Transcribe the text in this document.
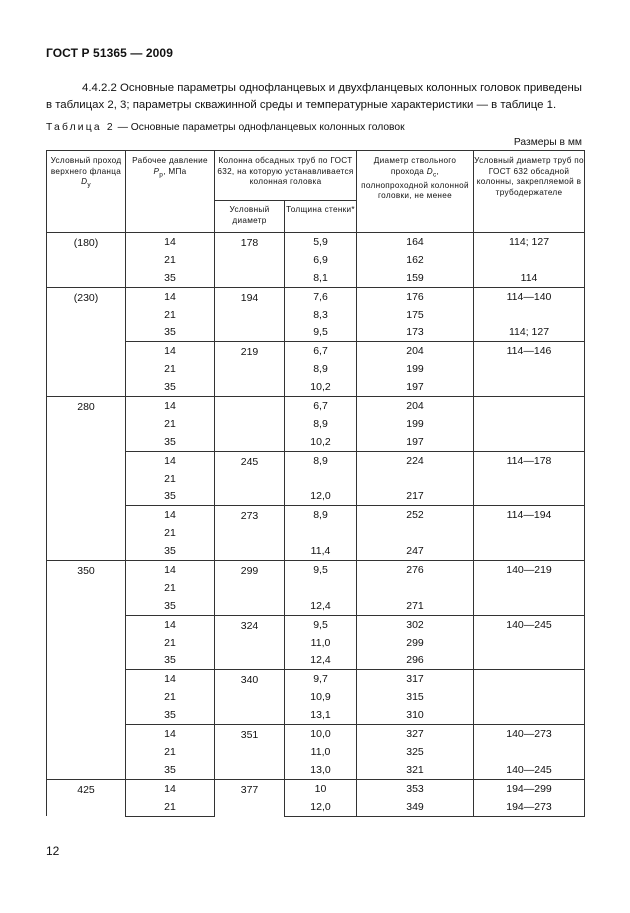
ГОСТ Р 51365 — 2009

4.4.2.2 Основные параметры однофланцевых и двухфланцевых колонных головок приведены в таблицах 2, 3; параметры скважинной среды и температурные характеристики — в таблице 1.

Таблица 2 — Основные параметры однофланцевых колонных головок
Размеры в мм
Условный проход верхнего фланца $D_у$	Рабочее давление $P_р$, МПа	Колонна обсадных труб по ГОСТ 632, на которую устанавливается колонная головка		Диаметр ствольного прохода $D_c$, полнопроходной колонной головки, не менее	Условный диаметр труб по ГОСТ 632 обсадной колонны, закрепляемой в трубодержателе
		Условный диаметр	Толщина стенки*		
(180)	14	178	5,9	164	114; 127
	21		6,9	162	
	35		8,1	159	114
(230)	14	194	7,6	176	114—140
	21		8,3	175	
	35		9,5	173	114; 127
	14	219	6,7	204	114—146
	21		8,9	199	
	35		10,2	197	
280	14		6,7	204	
	21		8,9	199	
	35		10,2	197	
	14	245	8,9	224	114—178
	21				
	35		12,0	217	
	14	273	8,9	252	114—194
	21				
	35		11,4	247	
350	14	299	9,5	276	140—219
	21				
	35		12,4	271	
	14	324	9,5	302	140—245
	21		11,0	299	
	35		12,4	296	
	14	340	9,7	317	
	21		10,9	315	
	35		13,1	310	
	14	351	10,0	327	140—273
	21		11,0	325	
	35		13,0	321	140—245
425	14	377	10	353	194—299
	21		12,0	349	194—273
12
